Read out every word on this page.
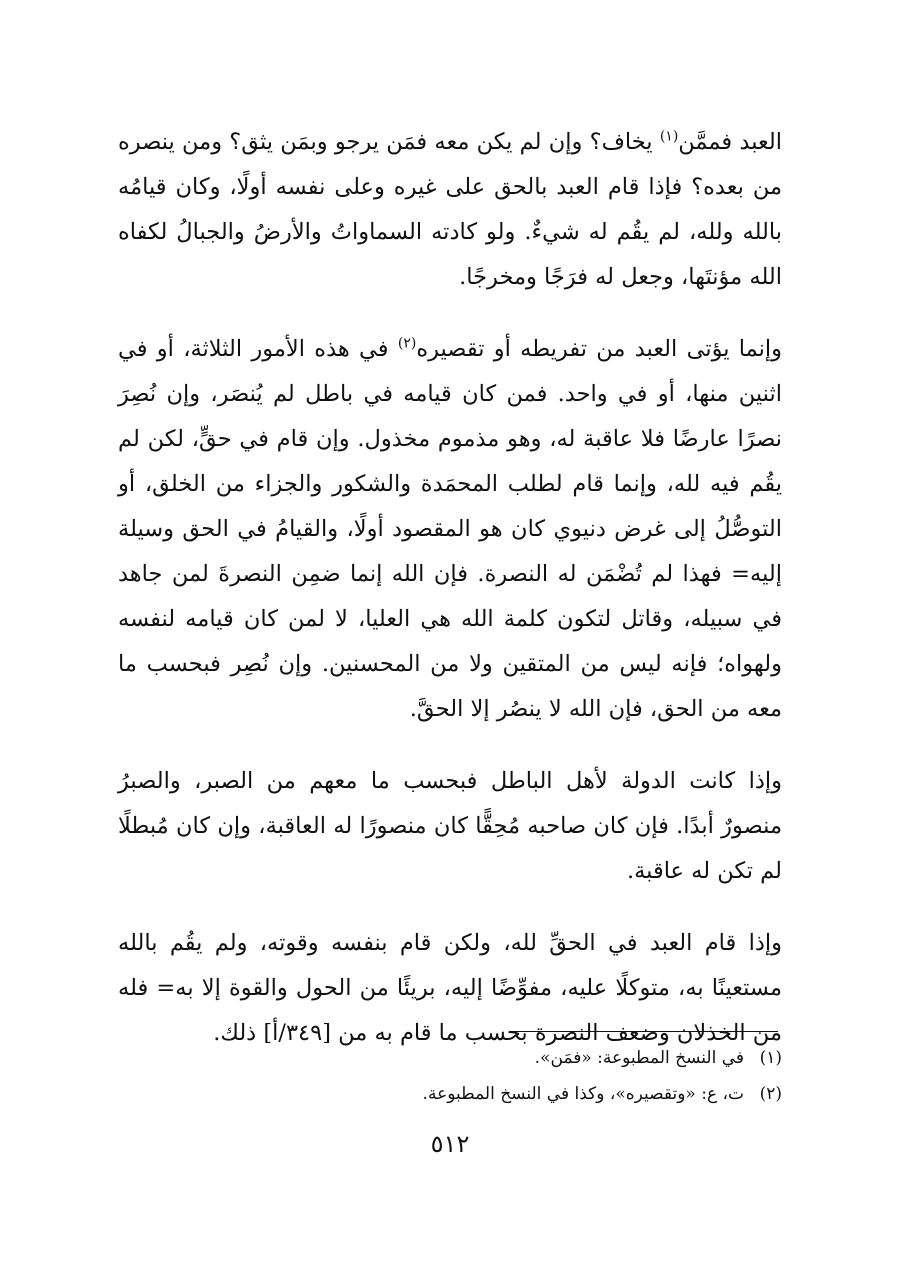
العبد فممَّن$^{(١)}$ يخاف؟ وإن لم يكن معه فمَن يرجو وبمَن يثق؟ ومن ينصره من بعده؟ فإذا قام العبد بالحق على غيره وعلى نفسه أولًا، وكان قيامُه بالله ولله، لم يقُم له شيءٌ. ولو كادته السماواتُ والأرضُ والجبالُ لكفاه الله مؤنتَها، وجعل له فرَجًا ومخرجًا.

وإنما يؤتى العبد من تفريطه أو تقصيره$^{(٢)}$ في هذه الأمور الثلاثة، أو في اثنين منها، أو في واحد. فمن كان قيامه في باطل لم يُنصَر، وإن نُصِرَ نصرًا عارضًا فلا عاقبة له، وهو مذموم مخذول. وإن قام في حقٍّ، لكن لم يقُم فيه لله، وإنما قام لطلب المحمَدة والشكور والجزاء من الخلق، أو التوصُّلُ إلى غرض دنيوي كان هو المقصود أولًا، والقيامُ في الحق وسيلة إليه= فهذا لم تُضْمَن له النصرة. فإن الله إنما ضمِن النصرةَ لمن جاهد في سبيله، وقاتل لتكون كلمة الله هي العليا، لا لمن كان قيامه لنفسه ولهواه؛ فإنه ليس من المتقين ولا من المحسنين. وإن نُصِر فبحسب ما معه من الحق، فإن الله لا ينصُر إلا الحقَّ.

وإذا كانت الدولة لأهل الباطل فبحسب ما معهم من الصبر، والصبرُ منصورٌ أبدًا. فإن كان صاحبه مُحِقًّا كان منصورًا له العاقبة، وإن كان مُبطلًا لم تكن له عاقبة.

وإذا قام العبد في الحقِّ لله، ولكن قام بنفسه وقوته، ولم يقُم بالله مستعينًا به، متوكلًا عليه، مفوِّضًا إليه، بريئًا من الحول والقوة إلا به= فله من الخذلان وضعف النصرة بحسب ما قام به من [٣٤٩/أ] ذلك.

(١)في النسخ المطبوعة: «فمَن».

(٢)ت، ع: «وتقصيره»، وكذا في النسخ المطبوعة.

٥١٢
